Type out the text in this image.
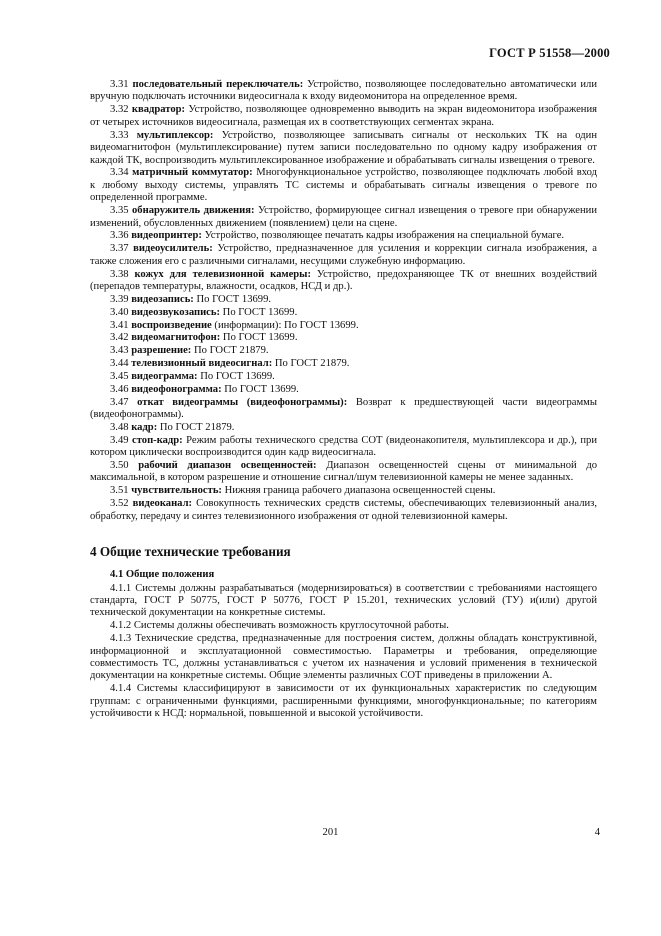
ГОСТ Р 51558—2000

3.31 последовательный переключатель: Устройство, позволяющее последовательно автоматически или вручную подключать источники видеосигнала к входу видеомонитора на определенное время.

3.32 квадратор: Устройство, позволяющее одновременно выводить на экран видеомонитора изображения от четырех источников видеосигнала, размещая их в соответствующих сегментах экрана.

3.33 мультиплексор: Устройство, позволяющее записывать сигналы от нескольких ТК на один видеомагнитофон (мультиплексирование) путем записи последовательно по одному кадру изображения от каждой ТК, воспроизводить мультиплексированное изображение и обрабатывать сигналы извещения о тревоге.

3.34 матричный коммутатор: Многофункциональное устройство, позволяющее подключать любой вход к любому выходу системы, управлять ТС системы и обрабатывать сигналы извещения о тревоге по определенной программе.

3.35 обнаружитель движения: Устройство, формирующее сигнал извещения о тревоге при обнаружении изменений, обусловленных движением (появлением) цели на сцене.

3.36 видеопринтер: Устройство, позволяющее печатать кадры изображения на специальной бумаге.

3.37 видеоусилитель: Устройство, предназначенное для усиления и коррекции сигнала изображения, а также сложения его с различными сигналами, несущими служебную информацию.

3.38 кожух для телевизионной камеры: Устройство, предохраняющее ТК от внешних воздействий (перепадов температуры, влажности, осадков, НСД и др.).

3.39 видеозапись: По ГОСТ 13699.

3.40 видеозвукозапись: По ГОСТ 13699.

3.41 воспроизведение (информации): По ГОСТ 13699.

3.42 видеомагнитофон: По ГОСТ 13699.

3.43 разрешение: По ГОСТ 21879.

3.44 телевизионный видеосигнал: По ГОСТ 21879.

3.45 видеограмма: По ГОСТ 13699.

3.46 видеофонограмма: По ГОСТ 13699.

3.47 откат видеограммы (видеофонограммы): Возврат к предшествующей части видеограммы (видеофонограммы).

3.48 кадр: По ГОСТ 21879.

3.49 стоп-кадр: Режим работы технического средства СОТ (видеонакопителя, мультиплексора и др.), при котором циклически воспроизводится один кадр видеосигнала.

3.50 рабочий диапазон освещенностей: Диапазон освещенностей сцены от минимальной до максимальной, в котором разрешение и отношение сигнал/шум телевизионной камеры не менее заданных.

3.51 чувствительность: Нижняя граница рабочего диапазона освещенностей сцены.

3.52 видеоканал: Совокупность технических средств системы, обеспечивающих телевизионный анализ, обработку, передачу и синтез телевизионного изображения от одной телевизионной камеры.

4 Общие технические требования
4.1 Общие положения

4.1.1 Системы должны разрабатываться (модернизироваться) в соответствии с требованиями настоящего стандарта, ГОСТ Р 50775, ГОСТ Р 50776, ГОСТ Р 15.201, технических условий (ТУ) и(или) другой технической документации на конкретные системы.

4.1.2 Системы должны обеспечивать возможность круглосуточной работы.

4.1.3 Технические средства, предназначенные для построения систем, должны обладать конструктивной, информационной и эксплуатационной совместимостью. Параметры и требования, определяющие совместимость ТС, должны устанавливаться с учетом их назначения и условий применения в технической документации на конкретные системы. Общие элементы различных СОТ приведены в приложении А.

4.1.4 Системы классифицируют в зависимости от их функциональных характеристик по следующим группам: с ограниченными функциями, расширенными функциями, многофункциональные; по категориям устойчивости к НСД: нормальной, повышенной и высокой устойчивости.

201	4
